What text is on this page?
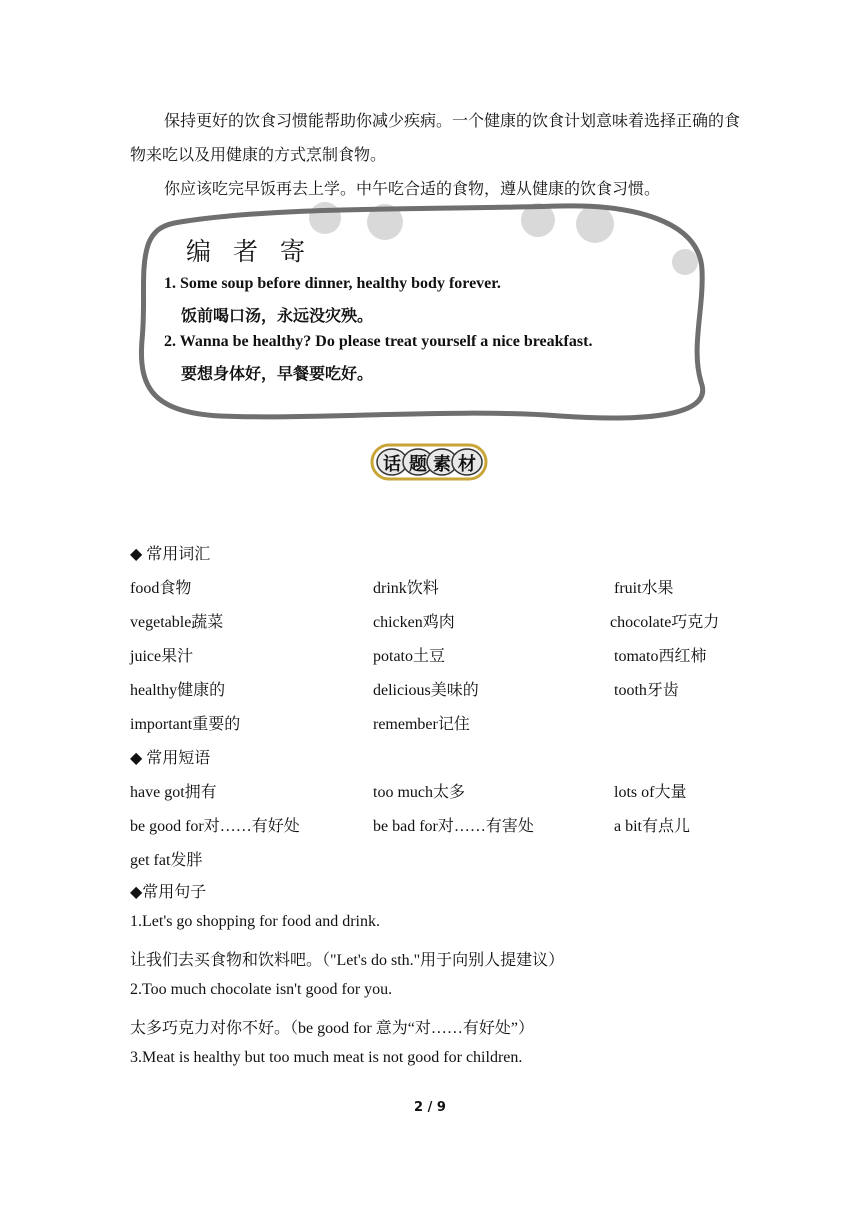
保持更好的饮食习惯能帮助你减少疾病。一个健康的饮食计划意味着选择正确的食物来吃以及用健康的方式烹制食物。
你应该吃完早饭再去上学。中午吃合适的食物，遵从健康的饮食习惯。
编者寄
1. Some soup before dinner, healthy body forever.
饭前喝口汤，永远没灾殃。
2. Wanna be healthy? Do please treat yourself a nice breakfast.
要想身体好，早餐要吃好。
话 题 素 材
◆ 常用词汇
food食物	drink饮料	fruit水果
vegetable蔬菜	chicken鸡肉	chocolate巧克力
juice果汁	potato土豆	tomato西红柿
healthy健康的	delicious美味的	tooth牙齿
important重要的	remember记住
◆ 常用短语
have got拥有	too much太多	lots of大量
be good for对……有好处	be bad for对……有害处	a bit有点儿
get fat发胖
◆常用句子
1.Let's go shopping for food and drink.
让我们去买食物和饮料吧。（"Let's do sth."用于向别人提建议）
2.Too much chocolate isn't good for you.
太多巧克力对你不好。（be good for 意为“对……有好处”）
3.Meat is healthy but too much meat is not good for children.
2 / 9
